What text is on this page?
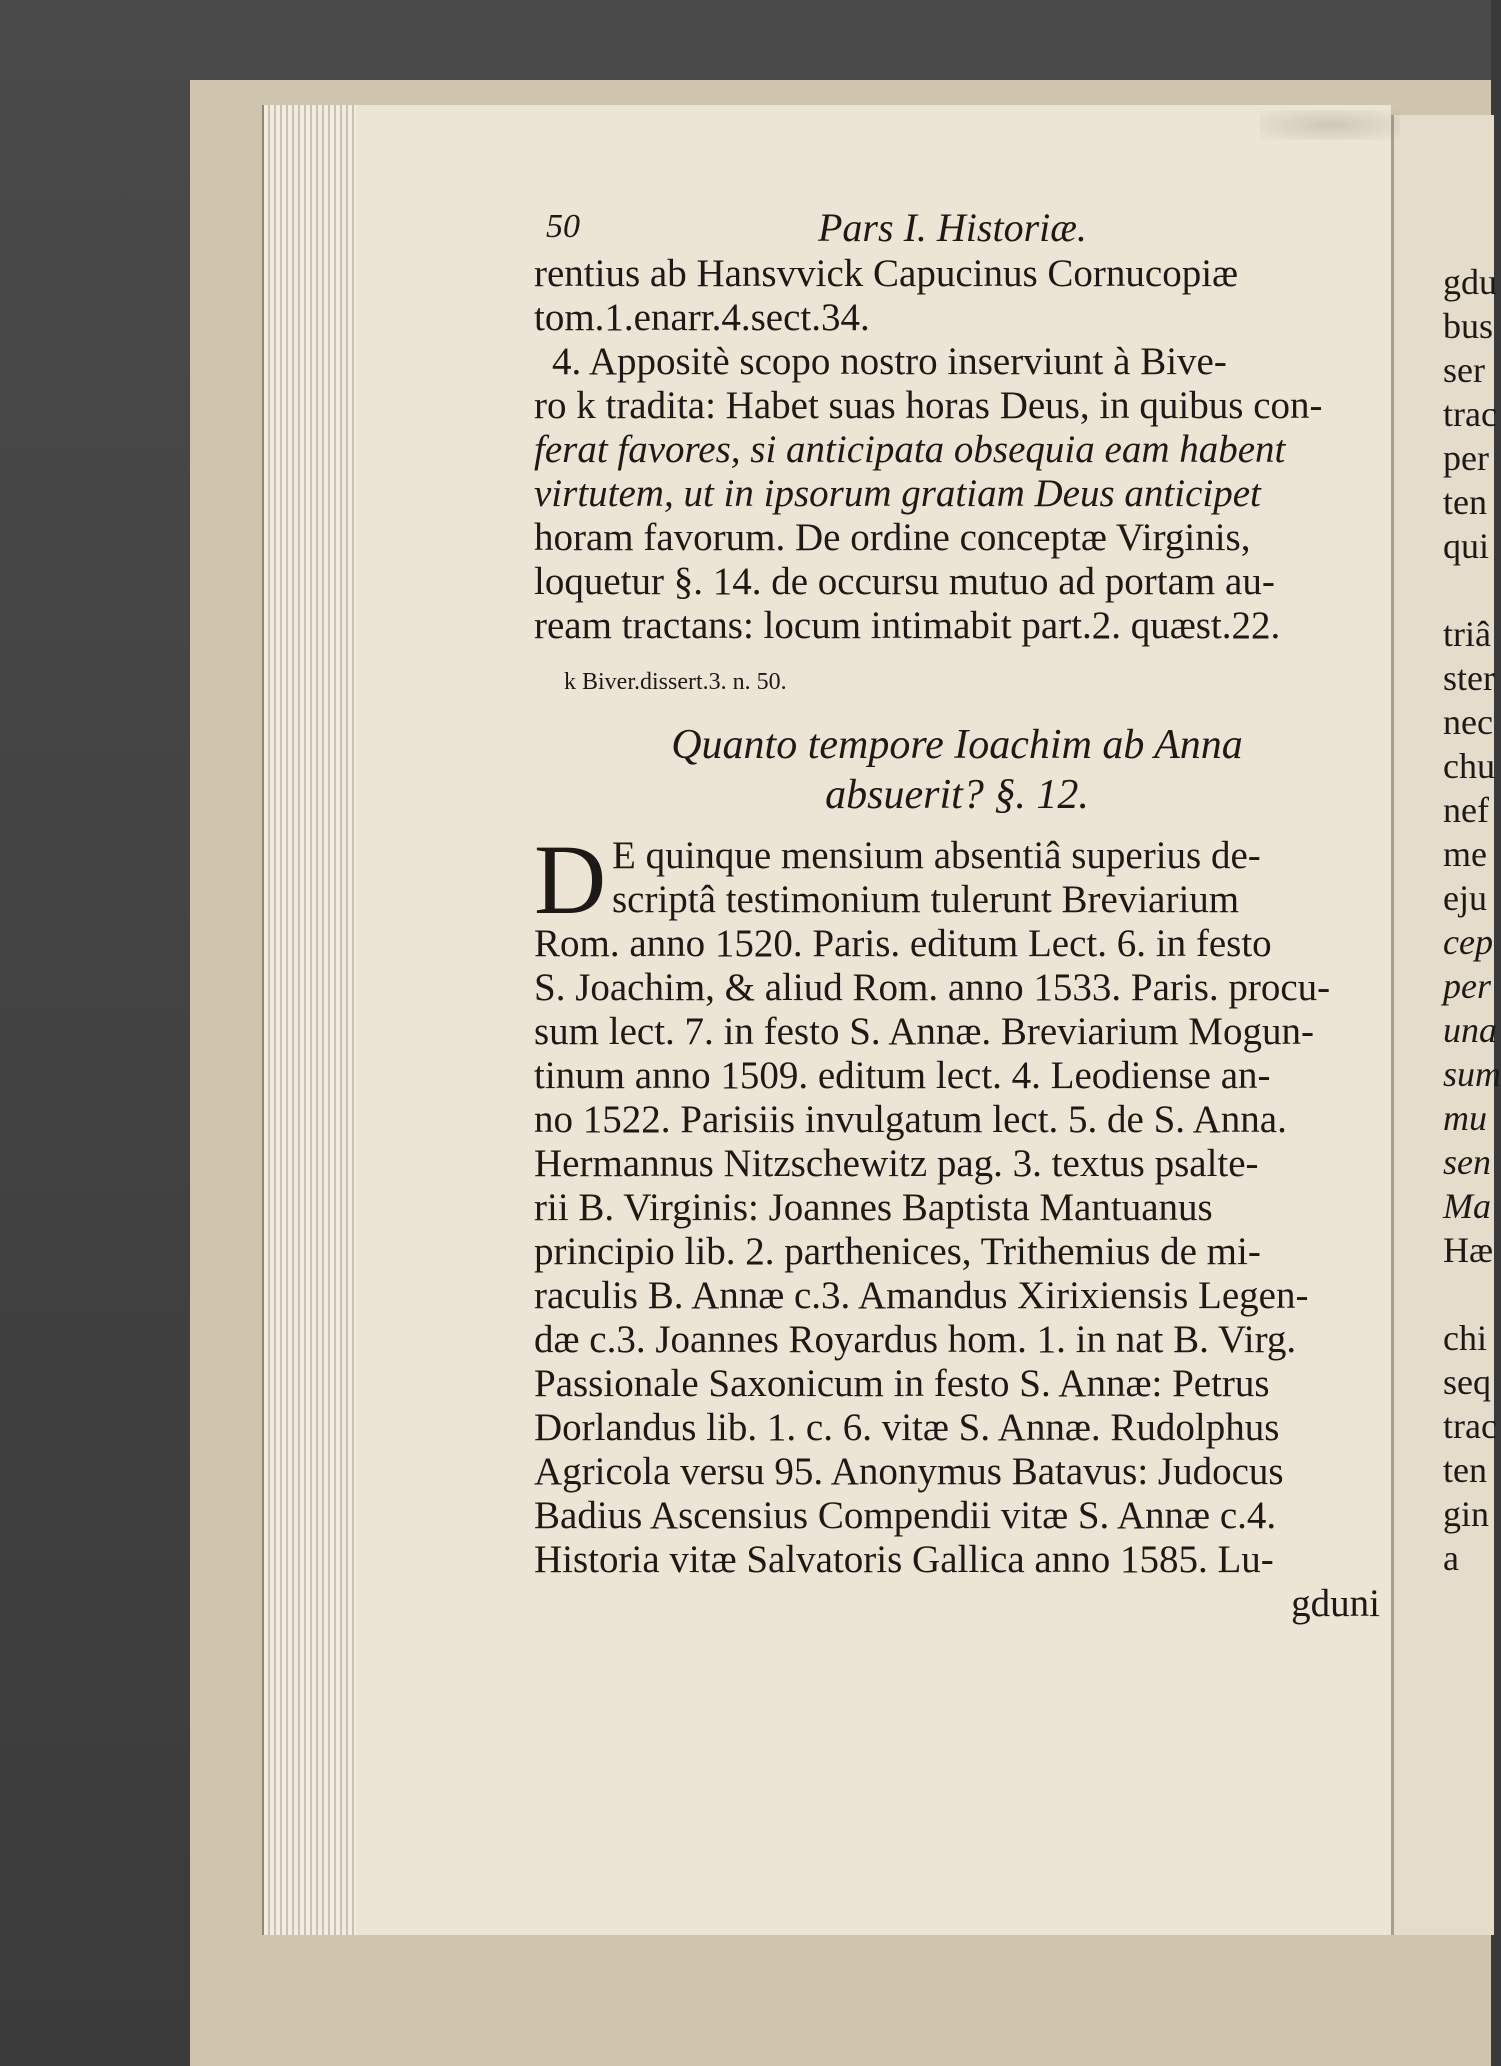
50	Pars I. Historiæ.
rentius ab Hansvvick Capucinus Cornucopiæ
tom.1.enarr.4.sect.34.
4. Appositè scopo nostro inserviunt à Bive-
ro k tradita: Habet suas horas Deus, in quibus con-
ferat favores, si anticipata obsequia eam habent
virtutem, ut in ipsorum gratiam Deus anticipet
horam favorum. De ordine conceptæ Virginis,
loquetur §. 14. de occursu mutuo ad portam au-
ream tractans: locum intimabit part.2. quæst.22.
k Biver.dissert.3. n. 50.
Quanto tempore Ioachim ab Anna
absuerit? §. 12.
D E quinque mensium absentiâ superius de-
scriptâ testimonium tulerunt Breviarium
Rom. anno 1520. Paris. editum Lect. 6. in festo
S. Joachim, & aliud Rom. anno 1533. Paris. procu-
sum lect. 7. in festo S. Annæ. Breviarium Mogun-
tinum anno 1509. editum lect. 4. Leodiense an-
no 1522. Parisiis invulgatum lect. 5. de S. Anna.
Hermannus Nitzschewitz pag. 3. textus psalte-
rii B. Virginis: Joannes Baptista Mantuanus
principio lib. 2. parthenices, Trithemius de mi-
raculis B. Annæ c.3. Amandus Xirixiensis Legen-
dæ c.3. Joannes Royardus hom. 1. in nat B. Virg.
Passionale Saxonicum in festo S. Annæ: Petrus
Dorlandus lib. 1. c. 6. vitæ S. Annæ. Rudolphus
Agricola versu 95. Anonymus Batavus: Judocus
Badius Ascensius Compendii vitæ S. Annæ c.4.
Historia vitæ Salvatoris Gallica anno 1585. Lu-
gduni
gdu
bus
ser
trac
per
ten
qui

triâ
ster
nec
chu
nef
me
eju
cep
per
una
sum
mu
sen
Ma
Hæ

chi
seq
trac
ten
gin
a
